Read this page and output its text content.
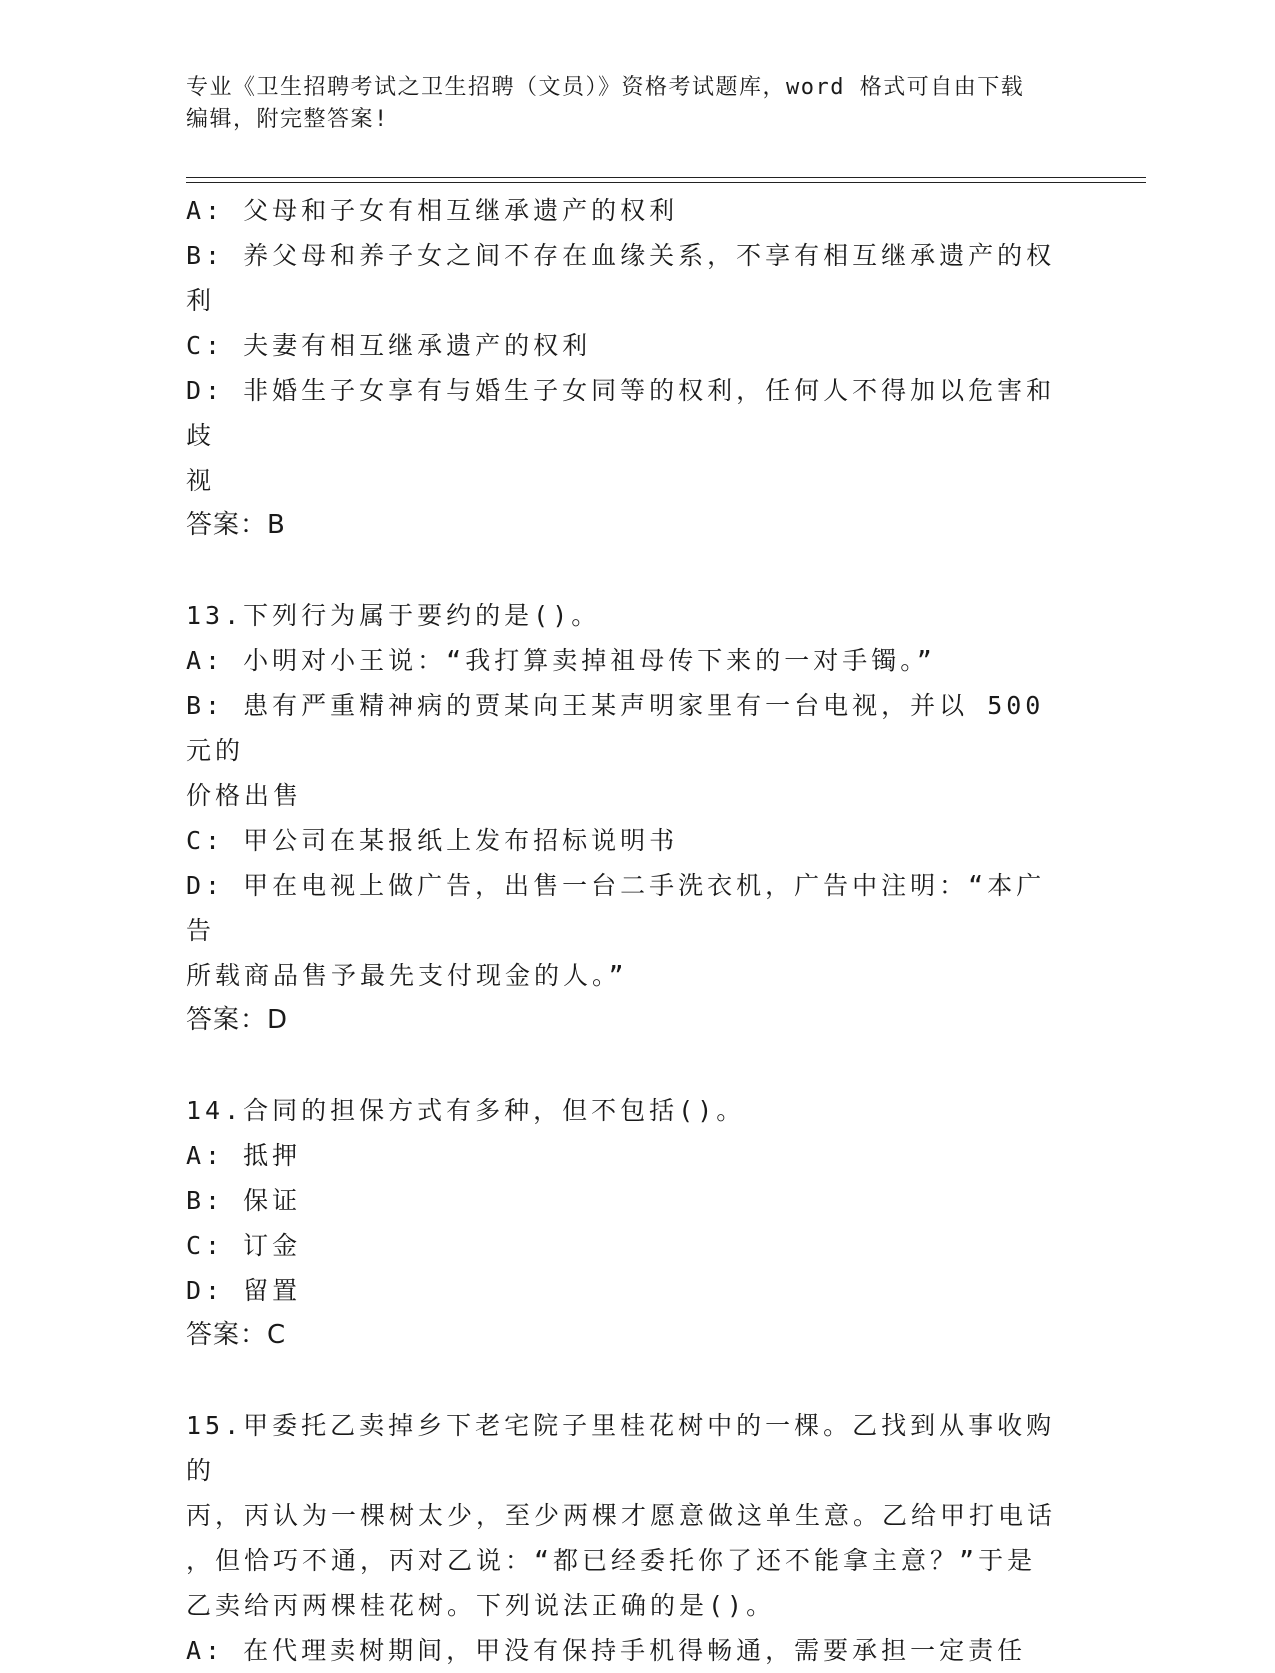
专业《卫生招聘考试之卫生招聘（文员）》资格考试题库，word 格式可自由下载
编辑，附完整答案!
A: 父母和子女有相互继承遗产的权利
B: 养父母和养子女之间不存在血缘关系，不享有相互继承遗产的权利
C: 夫妻有相互继承遗产的权利
D: 非婚生子女享有与婚生子女同等的权利，任何人不得加以危害和歧
视
答案：B
13.下列行为属于要约的是()。
A: 小明对小王说：“我打算卖掉祖母传下来的一对手镯。”
B: 患有严重精神病的贾某向王某声明家里有一台电视，并以 500 元的
价格出售
C: 甲公司在某报纸上发布招标说明书
D: 甲在电视上做广告，出售一台二手洗衣机，广告中注明：“本广告
所载商品售予最先支付现金的人。”
答案：D
14.合同的担保方式有多种，但不包括()。
A: 抵押
B: 保证
C: 订金
D: 留置
答案：C
15.甲委托乙卖掉乡下老宅院子里桂花树中的一棵。乙找到从事收购的
丙，丙认为一棵树太少，至少两棵才愿意做这单生意。乙给甲打电话
，但恰巧不通，丙对乙说：“都已经委托你了还不能拿主意？”于是
乙卖给丙两棵桂花树。下列说法正确的是()。
A: 在代理卖树期间，甲没有保持手机得畅通，需要承担一定责任
